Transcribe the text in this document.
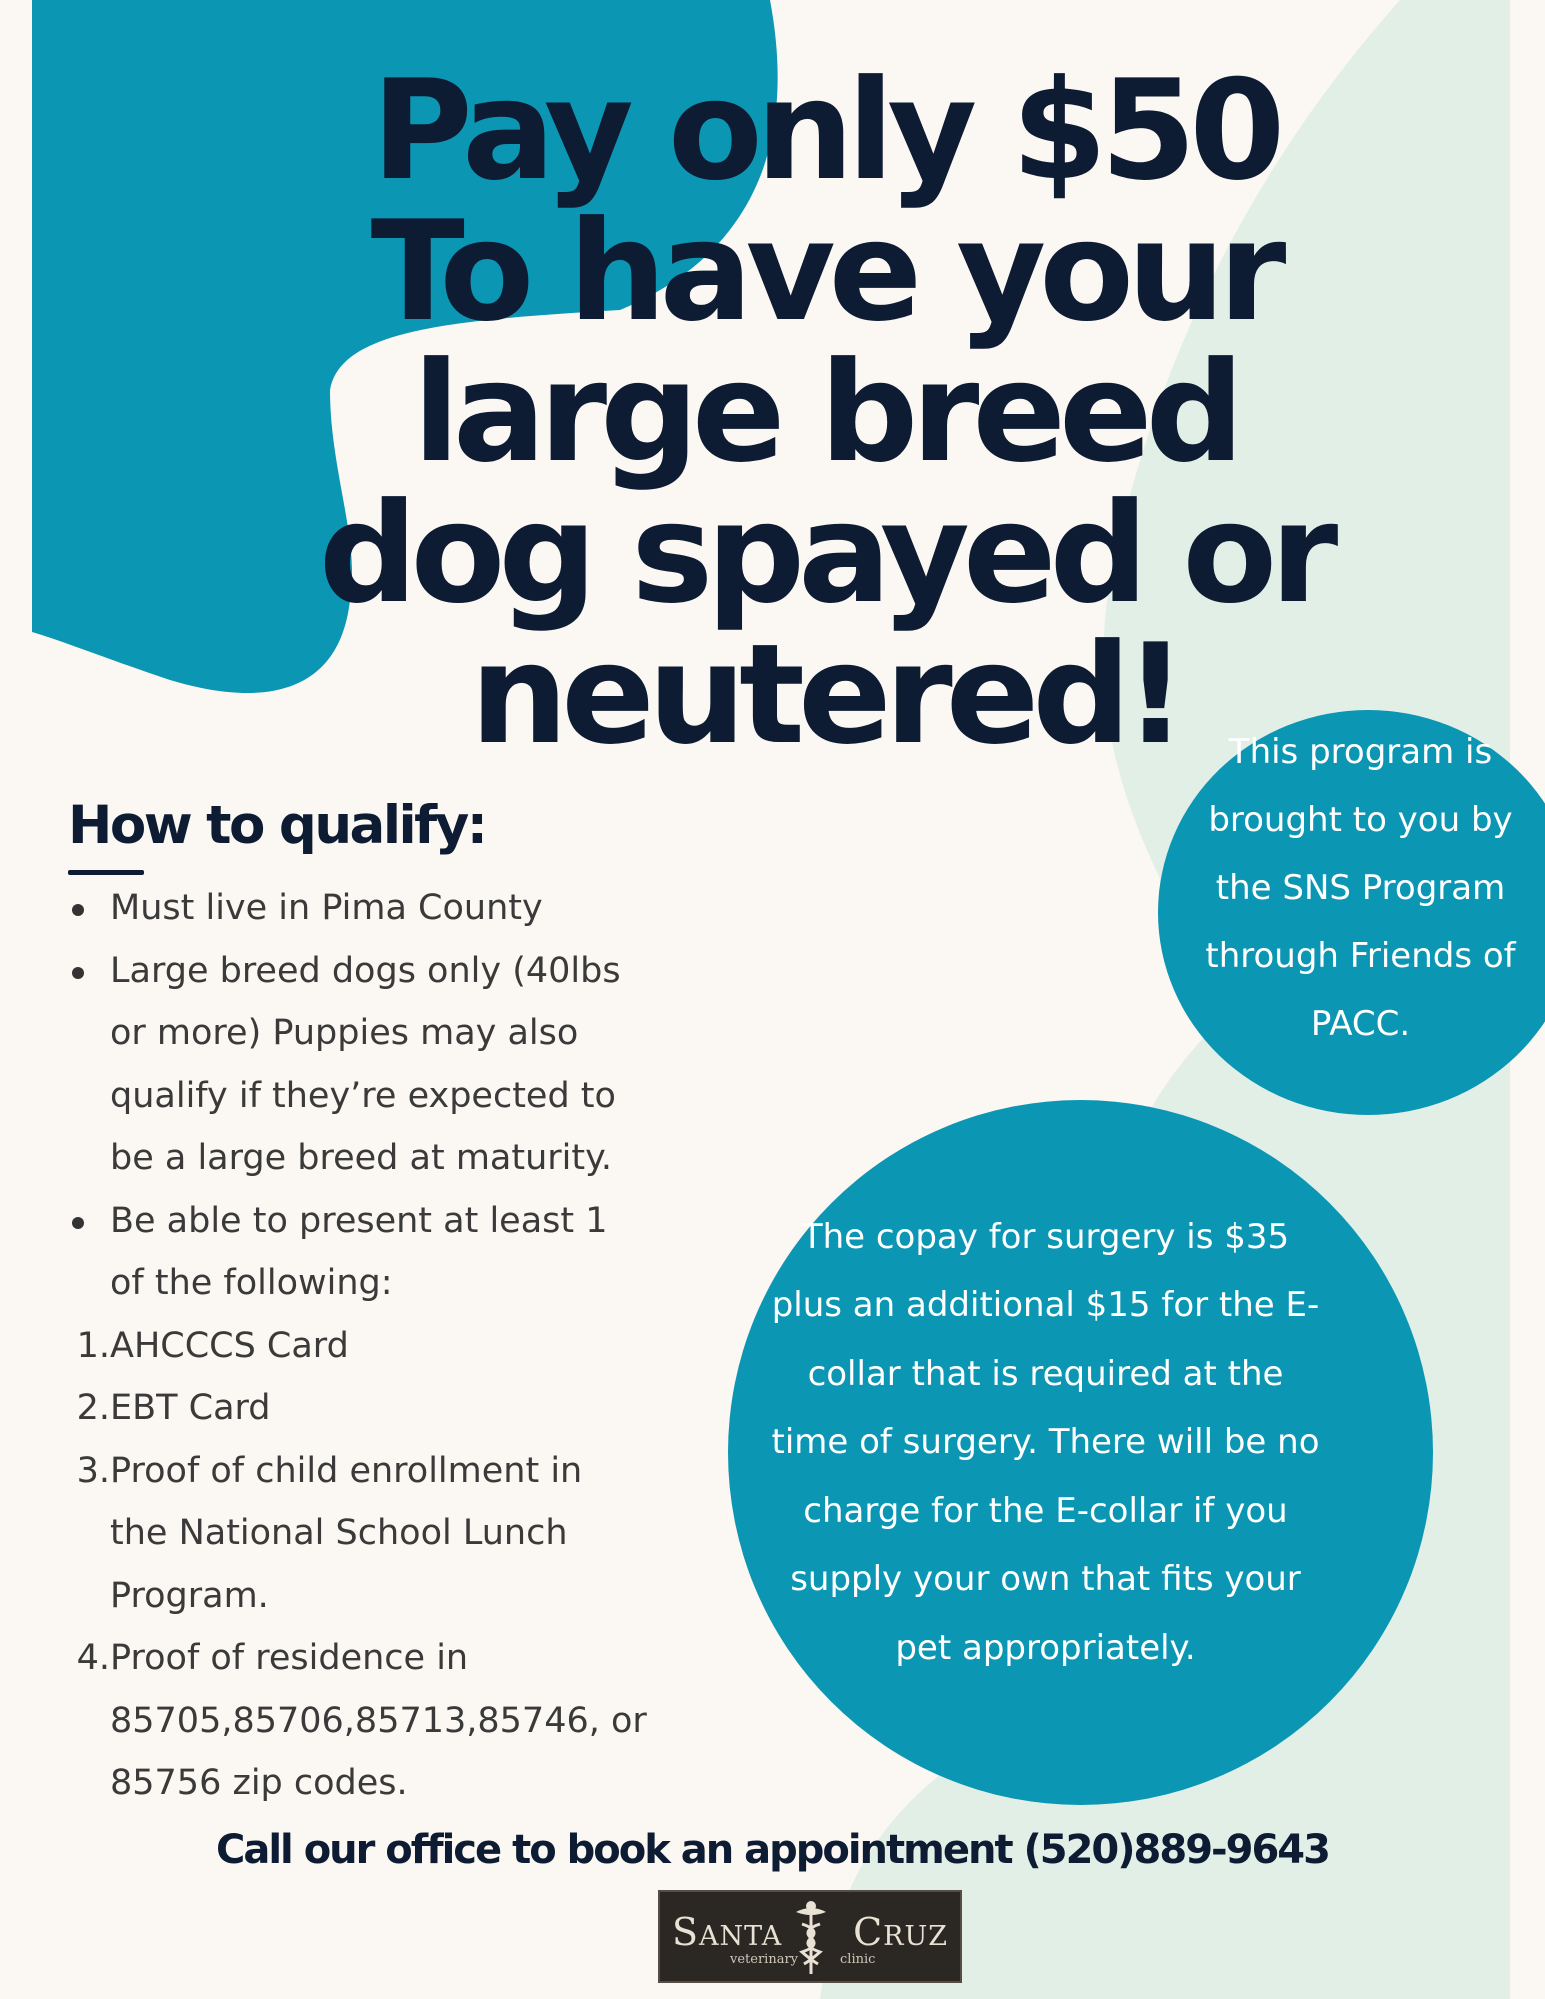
Pay only $50
To have your
large breed
dog spayed or
neutered!
How to qualify:
Must live in Pima County
Large breed dogs only (40lbs or more) Puppies may also qualify if they’re expected to be a large breed at maturity.
Be able to present at least 1 of the following:
1. AHCCCS Card
2. EBT Card
3. Proof of child enrollment in the National School Lunch Program.
4. Proof of residence in 85705,85706,85713,85746, or 85756 zip codes.

This program is brought to you by the SNS Program through Friends of PACC.

The copay for surgery is $35 plus an additional $15 for the E-collar that is required at the time of surgery. There will be no charge for the E-collar if you supply your own that fits your pet appropriately.

Call our office to book an appointment (520)889-9643
Santa Cruz
veterinary	clinic
